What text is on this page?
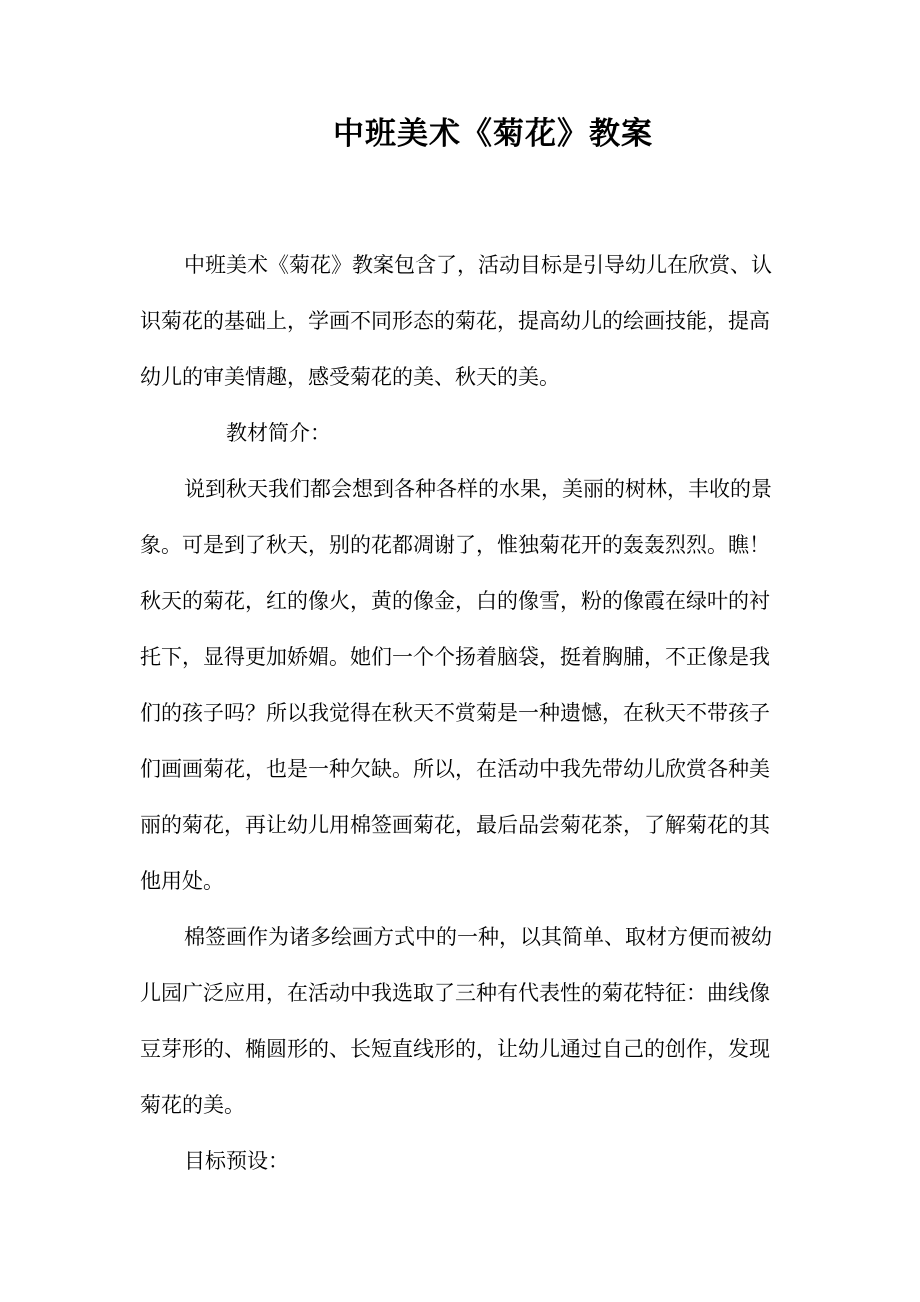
中班美术《菊花》教案
中班美术《菊花》教案包含了，活动目标是引导幼儿在欣赏、认
识菊花的基础上，学画不同形态的菊花，提高幼儿的绘画技能，提高
幼儿的审美情趣，感受菊花的美、秋天的美。
教材简介：
说到秋天我们都会想到各种各样的水果，美丽的树林，丰收的景
象。可是到了秋天，别的花都凋谢了，惟独菊花开的轰轰烈烈。瞧！
秋天的菊花，红的像火，黄的像金，白的像雪，粉的像霞在绿叶的衬
托下，显得更加娇媚。她们一个个扬着脑袋，挺着胸脯，不正像是我
们的孩子吗？所以我觉得在秋天不赏菊是一种遗憾，在秋天不带孩子
们画画菊花，也是一种欠缺。所以，在活动中我先带幼儿欣赏各种美
丽的菊花，再让幼儿用棉签画菊花，最后品尝菊花茶，了解菊花的其
他用处。
棉签画作为诸多绘画方式中的一种，以其简单、取材方便而被幼
儿园广泛应用，在活动中我选取了三种有代表性的菊花特征：曲线像
豆芽形的、椭圆形的、长短直线形的，让幼儿通过自己的创作，发现
菊花的美。
目标预设：
